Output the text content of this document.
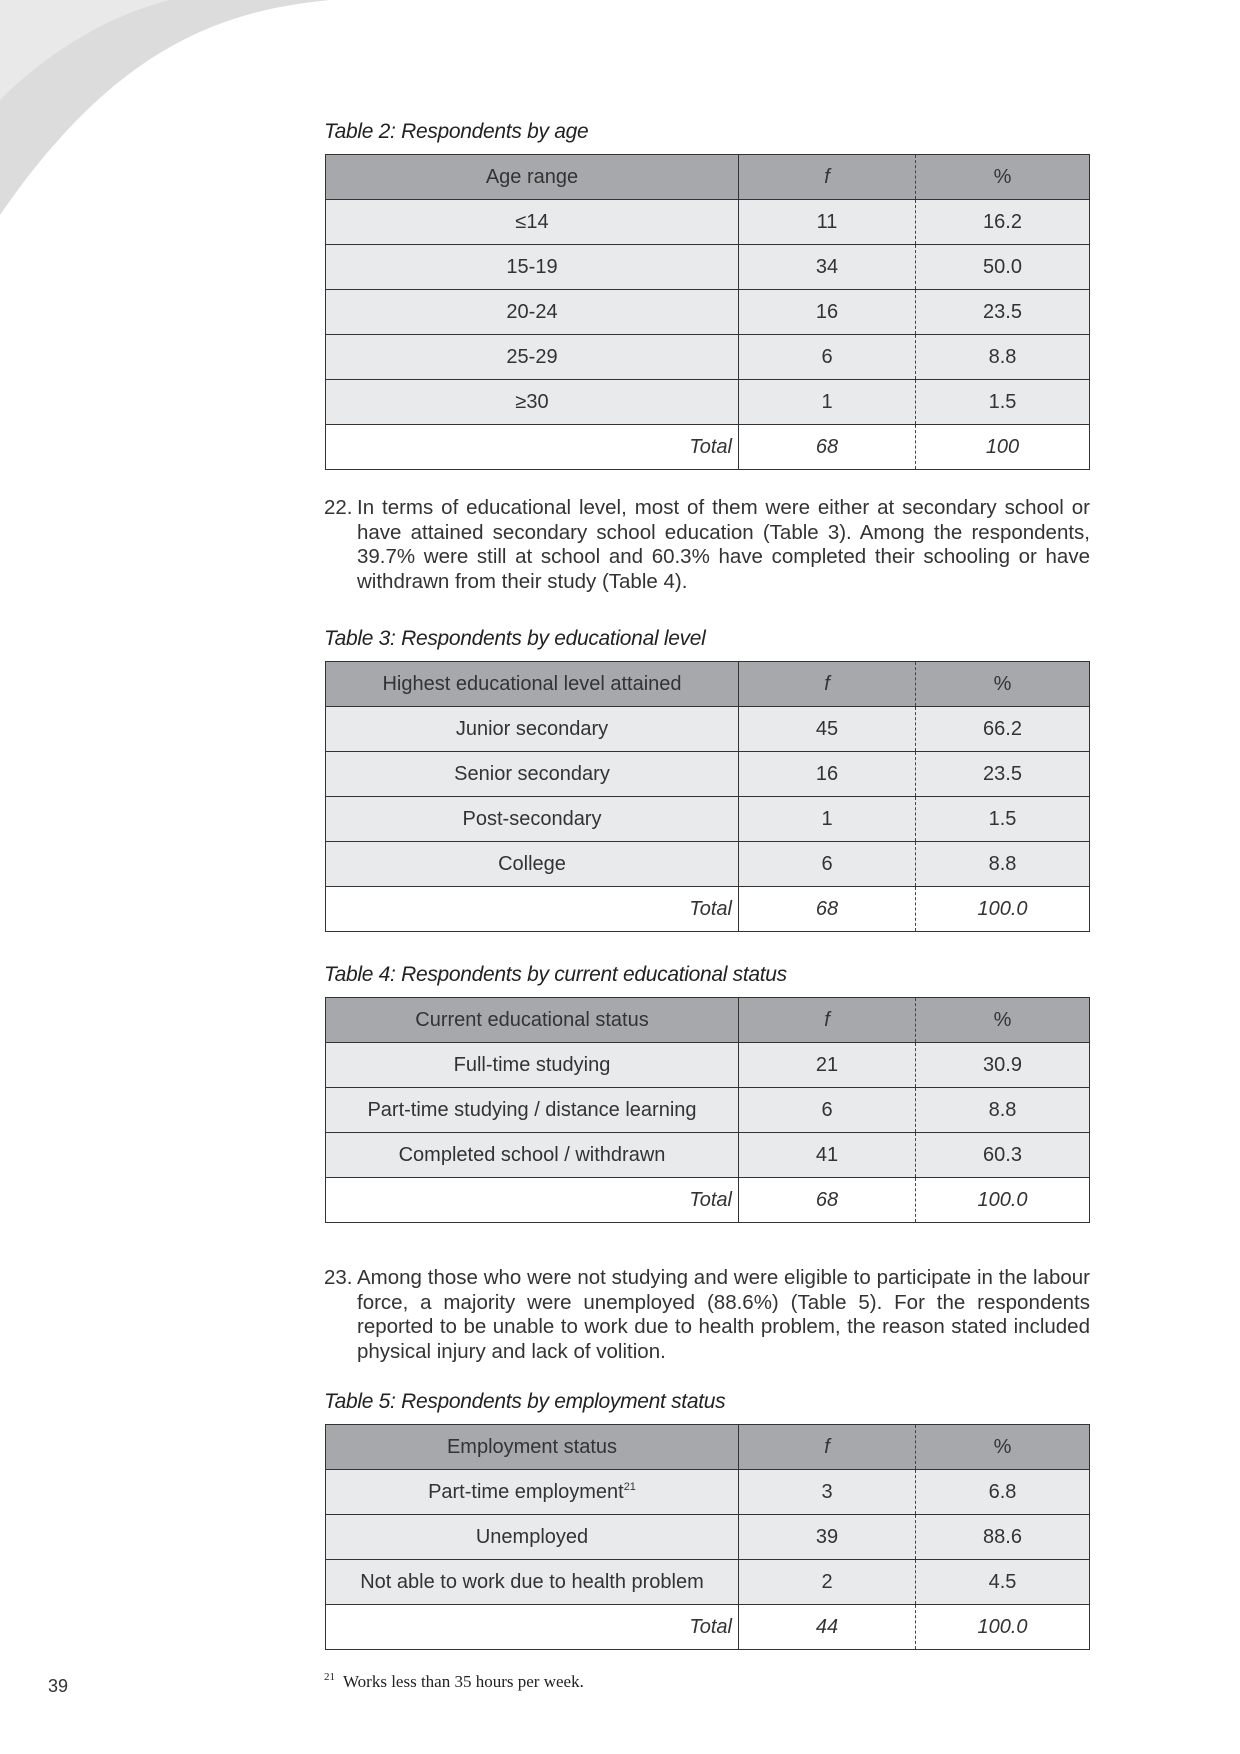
Table 2: Respondents by age
Age range	f	%
≤14	11	16.2
15-19	34	50.0
20-24	16	23.5
25-29	6	8.8
≥30	1	1.5
Total	68	100
22. In terms of educational level, most of them were either at secondary school or have attained secondary school education (Table 3). Among the respondents, 39.7% were still at school and 60.3% have completed their schooling or have withdrawn from their study (Table 4).
Table 3: Respondents by educational level
Highest educational level attained	f	%
Junior secondary	45	66.2
Senior secondary	16	23.5
Post-secondary	1	1.5
College	6	8.8
Total	68	100.0
Table 4: Respondents by current educational status
Current educational status	f	%
Full-time studying	21	30.9
Part-time studying / distance learning	6	8.8
Completed school / withdrawn	41	60.3
Total	68	100.0
23. Among those who were not studying and were eligible to participate in the labour force, a majority were unemployed (88.6%) (Table 5). For the respondents reported to be unable to work due to health problem, the reason stated included physical injury and lack of volition.
Table 5: Respondents by employment status
Employment status	f	%
Part-time employment$^{21}$	3	6.8
Unemployed	39	88.6
Not able to work due to health problem	2	4.5
Total	44	100.0
$^{21}$ Works less than 35 hours per week.
39
